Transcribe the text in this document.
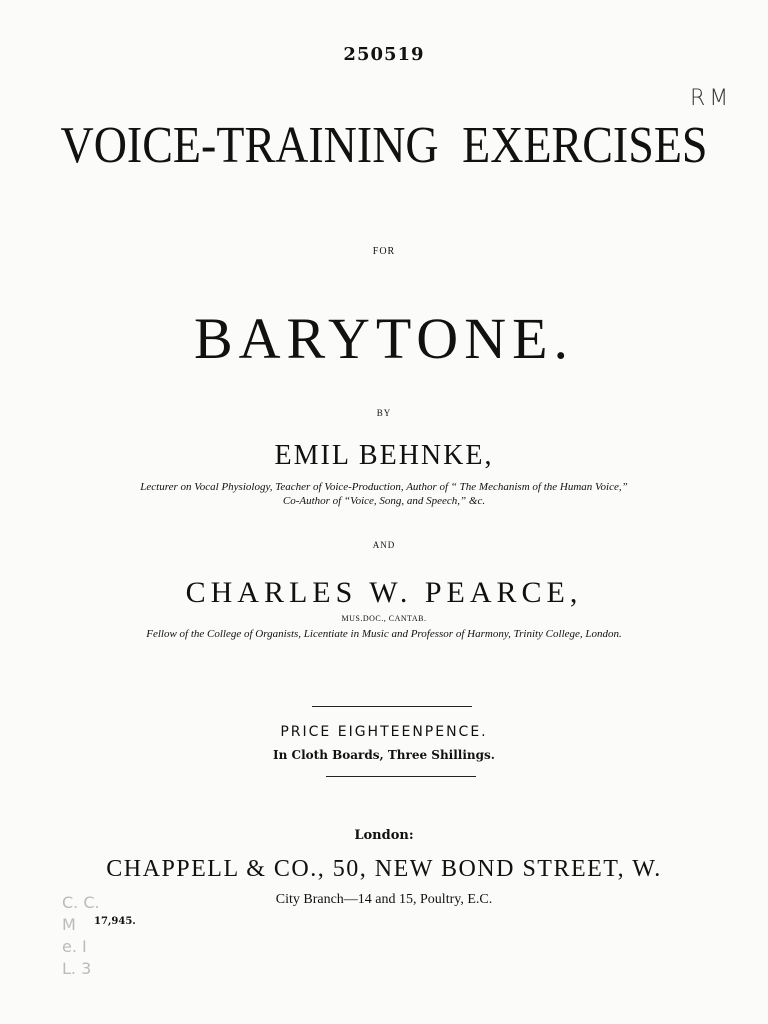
250519
RM
VOICE-TRAINING EXERCISES
FOR
BARYTONE.
BY
EMIL BEHNKE,
Lecturer on Vocal Physiology, Teacher of Voice-Production, Author of “ The Mechanism of the Human Voice,”
Co-Author of “Voice, Song, and Speech,” &c.
AND
CHARLES W. PEARCE,
MUS.DOC., CANTAB.
Fellow of the College of Organists, Licentiate in Music and Professor of Harmony, Trinity College, London.
PRICE EIGHTEENPENCE.
In Cloth Boards, Three Shillings.
London:
CHAPPELL & CO., 50, NEW BOND STREET, W.
City Branch—14 and 15, Poultry, E.C.
C. C.
M
e. I
L. 3
17,945.
